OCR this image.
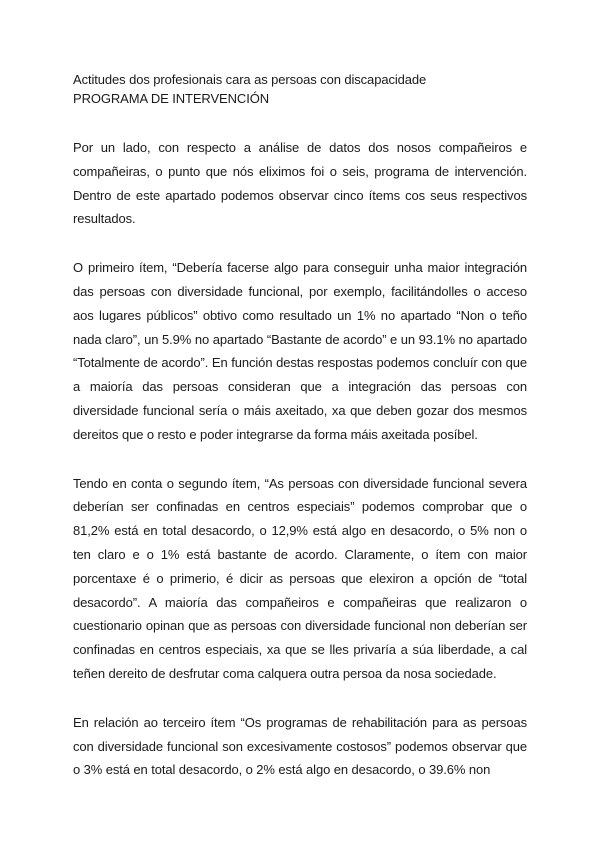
Actitudes dos profesionais cara as persoas con discapacidade

PROGRAMA DE INTERVENCIÓN

Por un lado, con respecto a análise de datos dos nosos compañeiros e compañeiras, o punto que nós eliximos foi o seis, programa de intervención. Dentro de este apartado podemos observar cinco ítems cos seus respectivos resultados.

O primeiro ítem, “Debería facerse algo para conseguir unha maior integración das persoas con diversidade funcional, por exemplo, facilitándolles o acceso aos lugares públicos” obtivo como resultado un 1% no apartado “Non o teño nada claro”, un 5.9% no apartado “Bastante de acordo” e un 93.1% no apartado “Totalmente de acordo”. En función destas respostas podemos concluír con que a maioría das persoas consideran que a integración das persoas con diversidade funcional sería o máis axeitado, xa que deben gozar dos mesmos dereitos que o resto e poder integrarse da forma máis axeitada posíbel.

Tendo en conta o segundo ítem, “As persoas con diversidade funcional severa deberían ser confinadas en centros especiais” podemos comprobar que o 81,2% está en total desacordo, o 12,9% está algo en desacordo, o 5% non o ten claro e o 1% está bastante de acordo. Claramente, o ítem con maior porcentaxe é o primerio, é dicir as persoas que elexiron a opción de “total desacordo”. A maioría das compañeiros e compañeiras que realizaron o cuestionario opinan que as persoas con diversidade funcional non deberían ser confinadas en centros especiais, xa que se lles privaría a súa liberdade, a cal teñen dereito de desfrutar coma calquera outra persoa da nosa sociedade.

En relación ao terceiro ítem “Os programas de rehabilitación para as persoas con diversidade funcional son excesivamente costosos” podemos observar que o 3% está en total desacordo, o 2% está algo en desacordo, o 39.6% non
